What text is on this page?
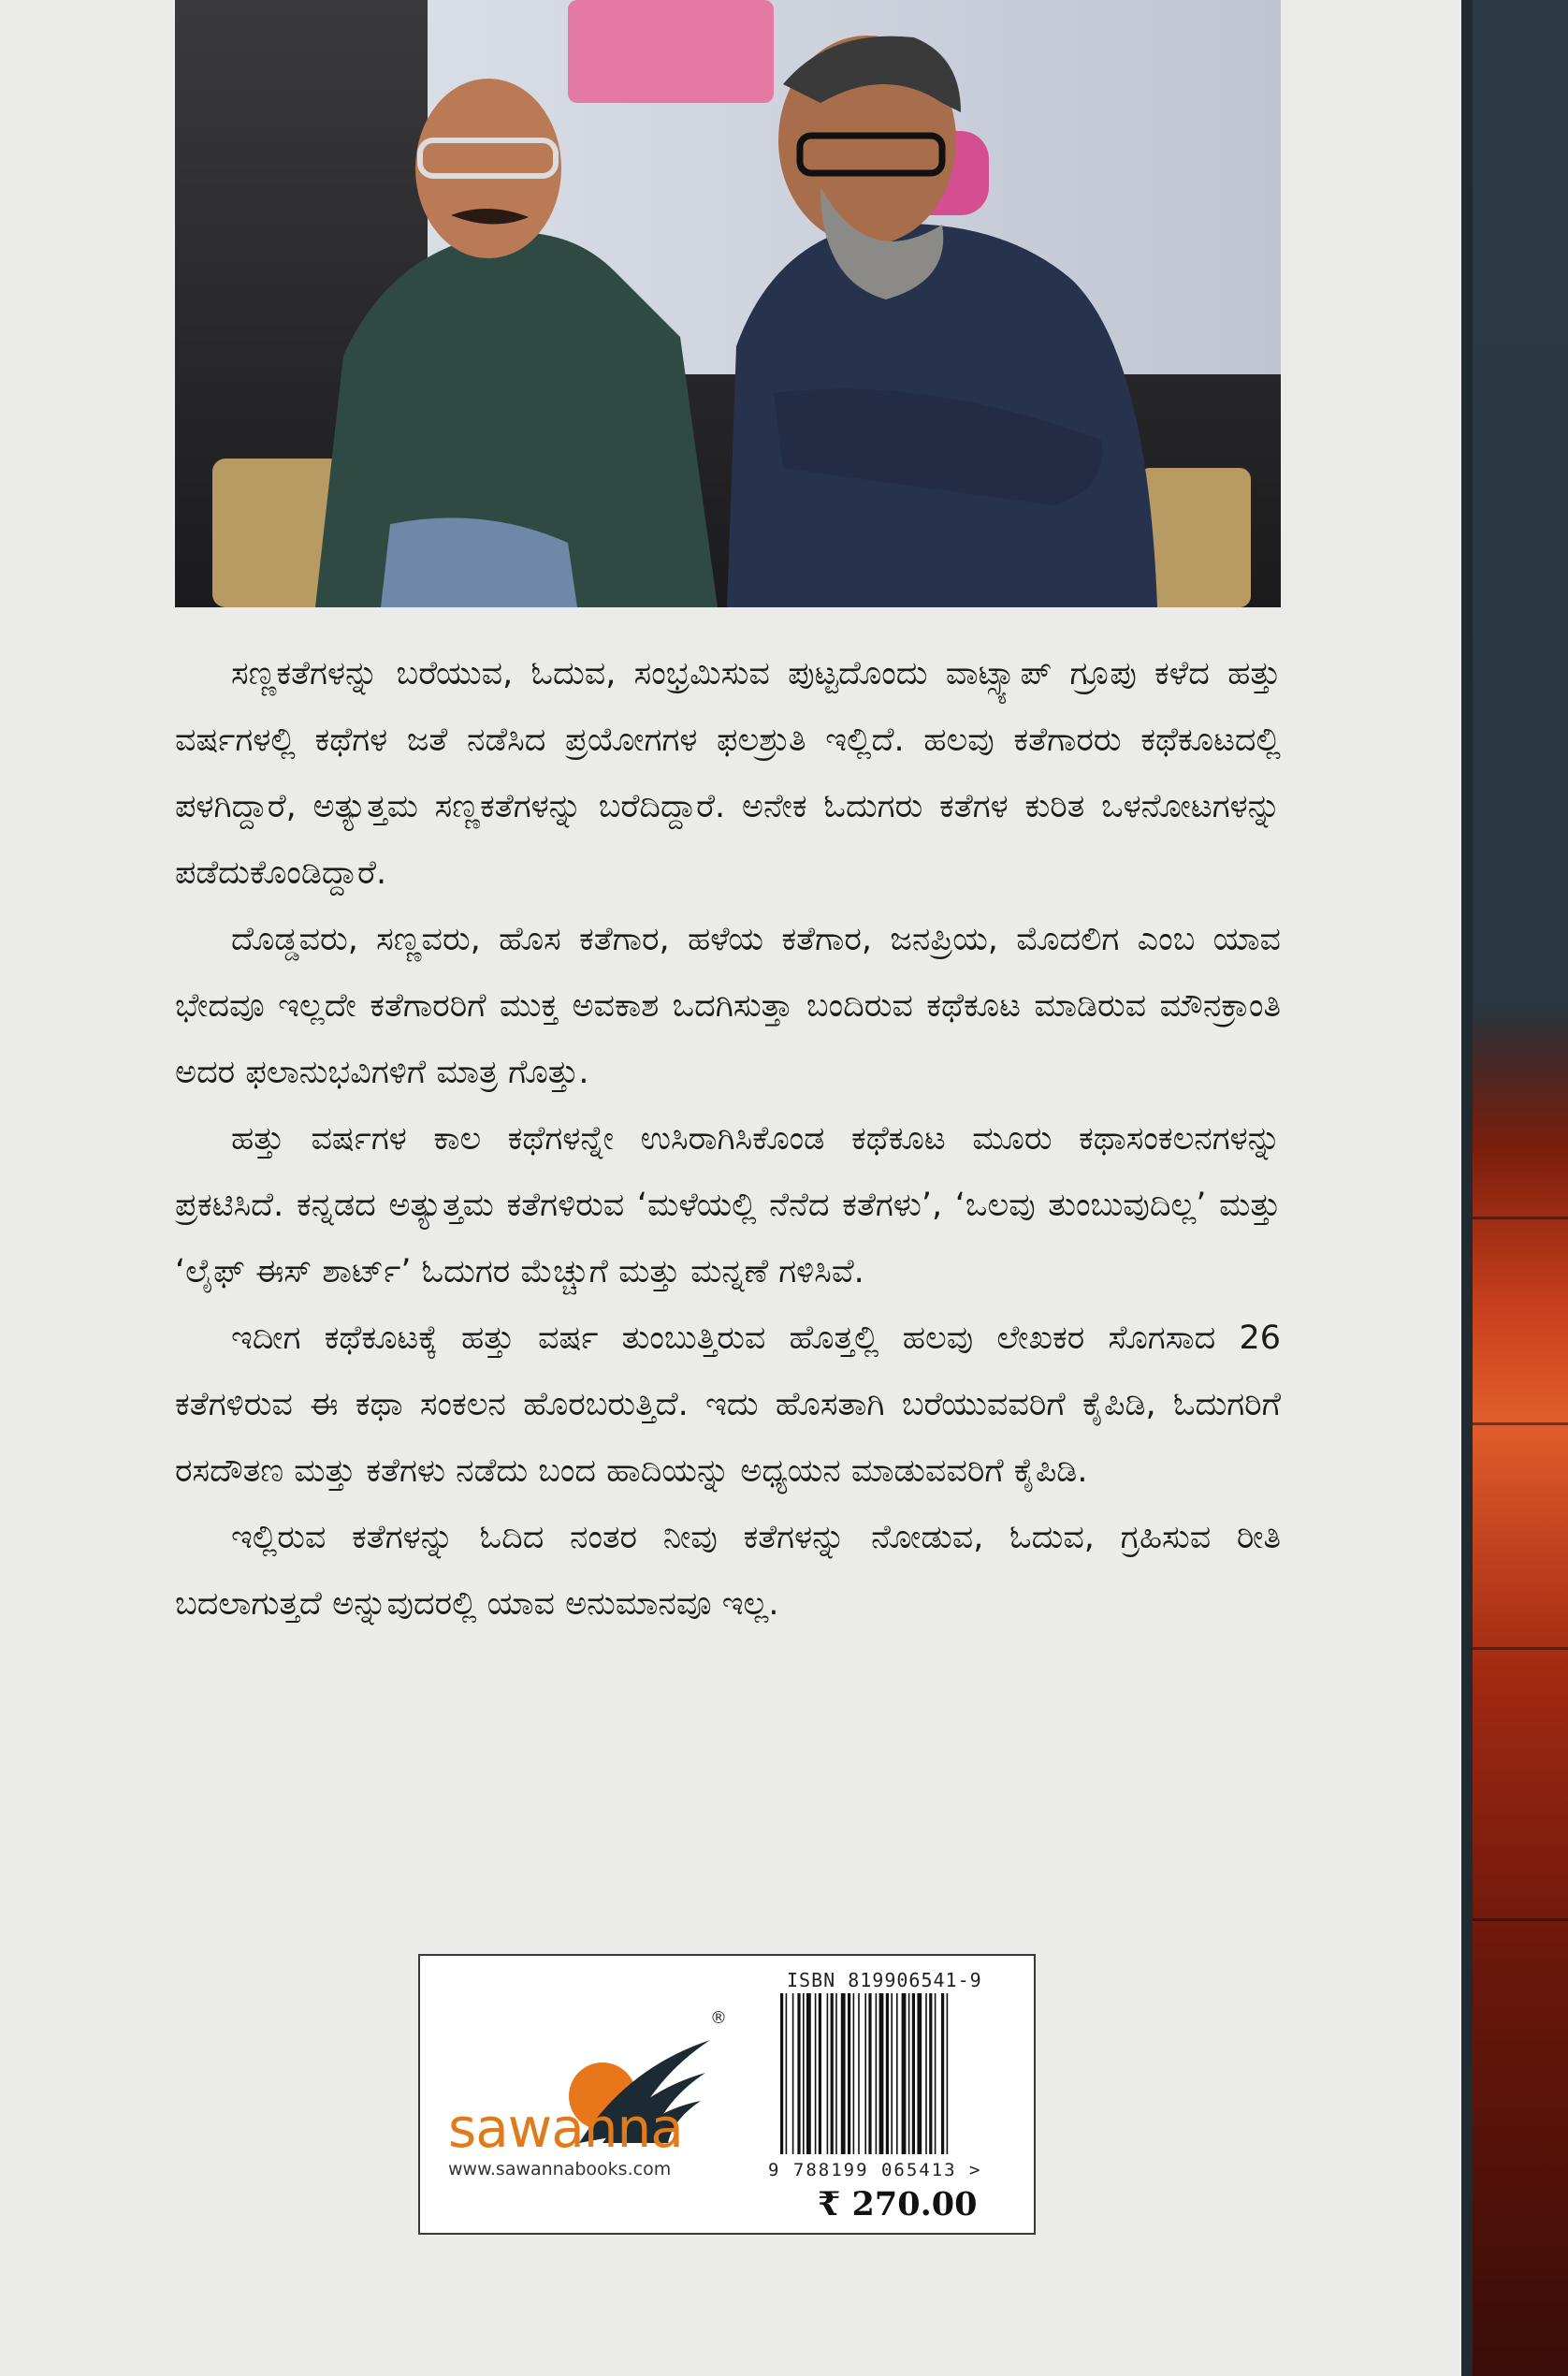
ಸಣ್ಣಕತೆಗಳನ್ನು ಬರೆಯುವ, ಓದುವ, ಸಂಭ್ರಮಿಸುವ ಪುಟ್ಟದೊಂದು ವಾಟ್ಸ್ಯಾಪ್ ಗ್ರೂಪು ಕಳೆದ ಹತ್ತು ವರ್ಷಗಳಲ್ಲಿ ಕಥೆಗಳ ಜತೆ ನಡೆಸಿದ ಪ್ರಯೋಗಗಳ ಫಲಶ್ರುತಿ ಇಲ್ಲಿದೆ. ಹಲವು ಕತೆಗಾರರು ಕಥೆಕೂಟದಲ್ಲಿ ಪಳಗಿದ್ದಾರೆ, ಅತ್ಯುತ್ತಮ ಸಣ್ಣಕತೆಗಳನ್ನು ಬರೆದಿದ್ದಾರೆ. ಅನೇಕ ಓದುಗರು ಕತೆಗಳ ಕುರಿತ ಒಳನೋಟಗಳನ್ನು ಪಡೆದುಕೊಂಡಿದ್ದಾರೆ.

ದೊಡ್ಡವರು, ಸಣ್ಣವರು, ಹೊಸ ಕತೆಗಾರ, ಹಳೆಯ ಕತೆಗಾರ, ಜನಪ್ರಿಯ, ಮೊದಲಿಗ ಎಂಬ ಯಾವ ಭೇದವೂ ಇಲ್ಲದೇ ಕತೆಗಾರರಿಗೆ ಮುಕ್ತ ಅವಕಾಶ ಒದಗಿಸುತ್ತಾ ಬಂದಿರುವ ಕಥೆಕೂಟ ಮಾಡಿರುವ ಮೌನಕ್ರಾಂತಿ ಅದರ ಫಲಾನುಭವಿಗಳಿಗೆ ಮಾತ್ರ ಗೊತ್ತು.

ಹತ್ತು ವರ್ಷಗಳ ಕಾಲ ಕಥೆಗಳನ್ನೇ ಉಸಿರಾಗಿಸಿಕೊಂಡ ಕಥೆಕೂಟ ಮೂರು ಕಥಾಸಂಕಲನಗಳನ್ನು ಪ್ರಕಟಿಸಿದೆ. ಕನ್ನಡದ ಅತ್ಯುತ್ತಮ ಕತೆಗಳಿರುವ ‘ಮಳೆಯಲ್ಲಿ ನೆನೆದ ಕತೆಗಳು’, ‘ಒಲವು ತುಂಬುವುದಿಲ್ಲ’ ಮತ್ತು ‘ಲೈಫ್ ಈಸ್ ಶಾರ್ಟ್’ ಓದುಗರ ಮೆಚ್ಚುಗೆ ಮತ್ತು ಮನ್ನಣೆ ಗಳಿಸಿವೆ.

ಇದೀಗ ಕಥೆಕೂಟಕ್ಕೆ ಹತ್ತು ವರ್ಷ ತುಂಬುತ್ತಿರುವ ಹೊತ್ತಲ್ಲಿ ಹಲವು ಲೇಖಕರ ಸೊಗಸಾದ 26 ಕತೆಗಳಿರುವ ಈ ಕಥಾ ಸಂಕಲನ ಹೊರಬರುತ್ತಿದೆ. ಇದು ಹೊಸತಾಗಿ ಬರೆಯುವವರಿಗೆ ಕೈಪಿಡಿ, ಓದುಗರಿಗೆ ರಸದೌತಣ ಮತ್ತು ಕತೆಗಳು ನಡೆದು ಬಂದ ಹಾದಿಯನ್ನು ಅಧ್ಯಯನ ಮಾಡುವವರಿಗೆ ಕೈಪಿಡಿ.

ಇಲ್ಲಿರುವ ಕತೆಗಳನ್ನು ಓದಿದ ನಂತರ ನೀವು ಕತೆಗಳನ್ನು ನೋಡುವ, ಓದುವ, ಗ್ರಹಿಸುವ ರೀತಿ ಬದಲಾಗುತ್ತದೆ ಅನ್ನುವುದರಲ್ಲಿ ಯಾವ ಅನುಮಾನವೂ ಇಲ್ಲ.

®
sawanna
www.sawannabooks.com
ISBN 819906541-9
9 788199 065413 >
₹ 270.00
